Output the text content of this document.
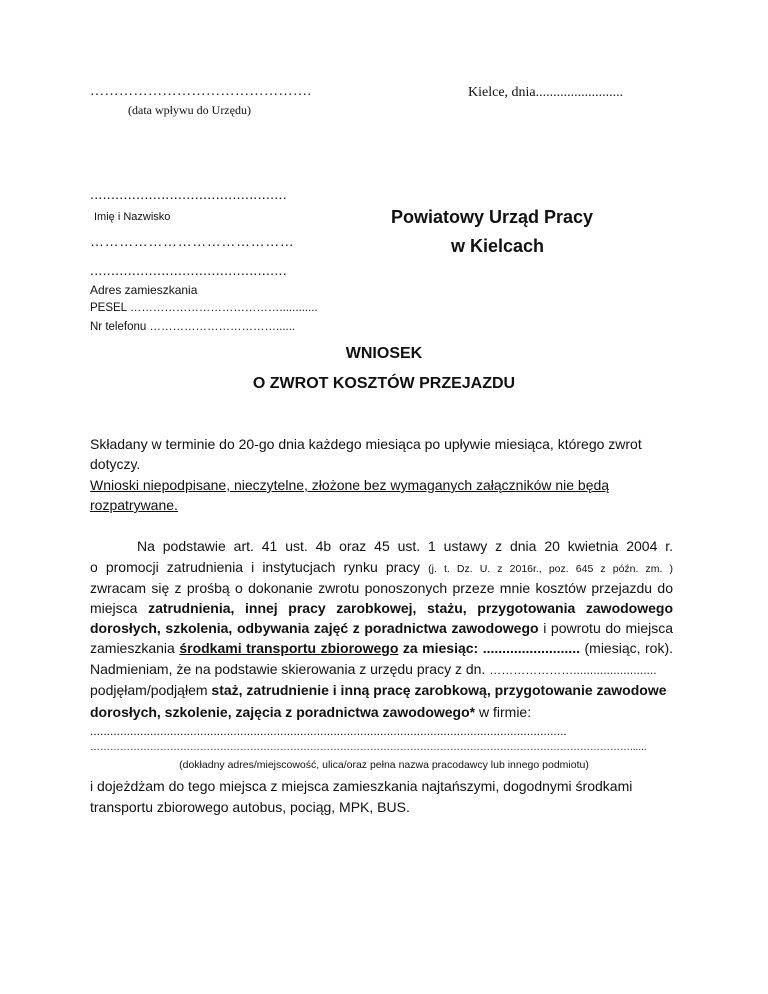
……………………………………….
(data wpływu do Urzędu)
Kielce, dnia.........................
...............................................
Imię i Nazwisko
……………………………………
...............................................
Adres zamieszkania
PESEL …………………………………............
Nr telefonu ……………………………......
Powiatowy Urząd Pracy
w Kielcach
WNIOSEK
O ZWROT KOSZTÓW PRZEJAZDU
Składany w terminie do 20-go dnia każdego miesiąca po upływie miesiąca, którego zwrot
dotyczy.
Wnioski niepodpisane, nieczytelne, złożone bez wymaganych załączników nie będą
rozpatrywane.
Na podstawie art. 41 ust. 4b oraz 45 ust. 1 ustawy z dnia 20 kwietnia 2004 r.
o promocji zatrudnienia i instytucjach rynku pracy (j. t. Dz. U. z 2016r., poz. 645 z późn. zm. )
zwracam się z prośbą o dokonanie zwrotu ponoszonych przeze mnie kosztów przejazdu do
miejsca zatrudnienia, innej pracy zarobkowej, stażu, przygotowania zawodowego
dorosłych, szkolenia, odbywania zajęć z poradnictwa zawodowego i powrotu do miejsca
zamieszkania środkami transportu zbiorowego za miesiąc: ......................... (miesiąc, rok).
Nadmieniam, że na podstawie skierowania z urzędu pracy z dn. ………………….........................
podjęłam/podjąłem staż, zatrudnienie i inną pracę zarobkową, przygotowanie zawodowe
dorosłych, szkolenie, zajęcia z poradnictwa zawodowego* w firmie:
...............................................................................................................................................
………………………………………………………………………………………………………………………………………………......
(dokładny adres/miejscowość, ulica/oraz pełna nazwa pracodawcy lub innego podmiotu)
i dojeżdżam do tego miejsca z miejsca zamieszkania najtańszymi, dogodnymi środkami
transportu zbiorowego autobus, pociąg, MPK, BUS.
